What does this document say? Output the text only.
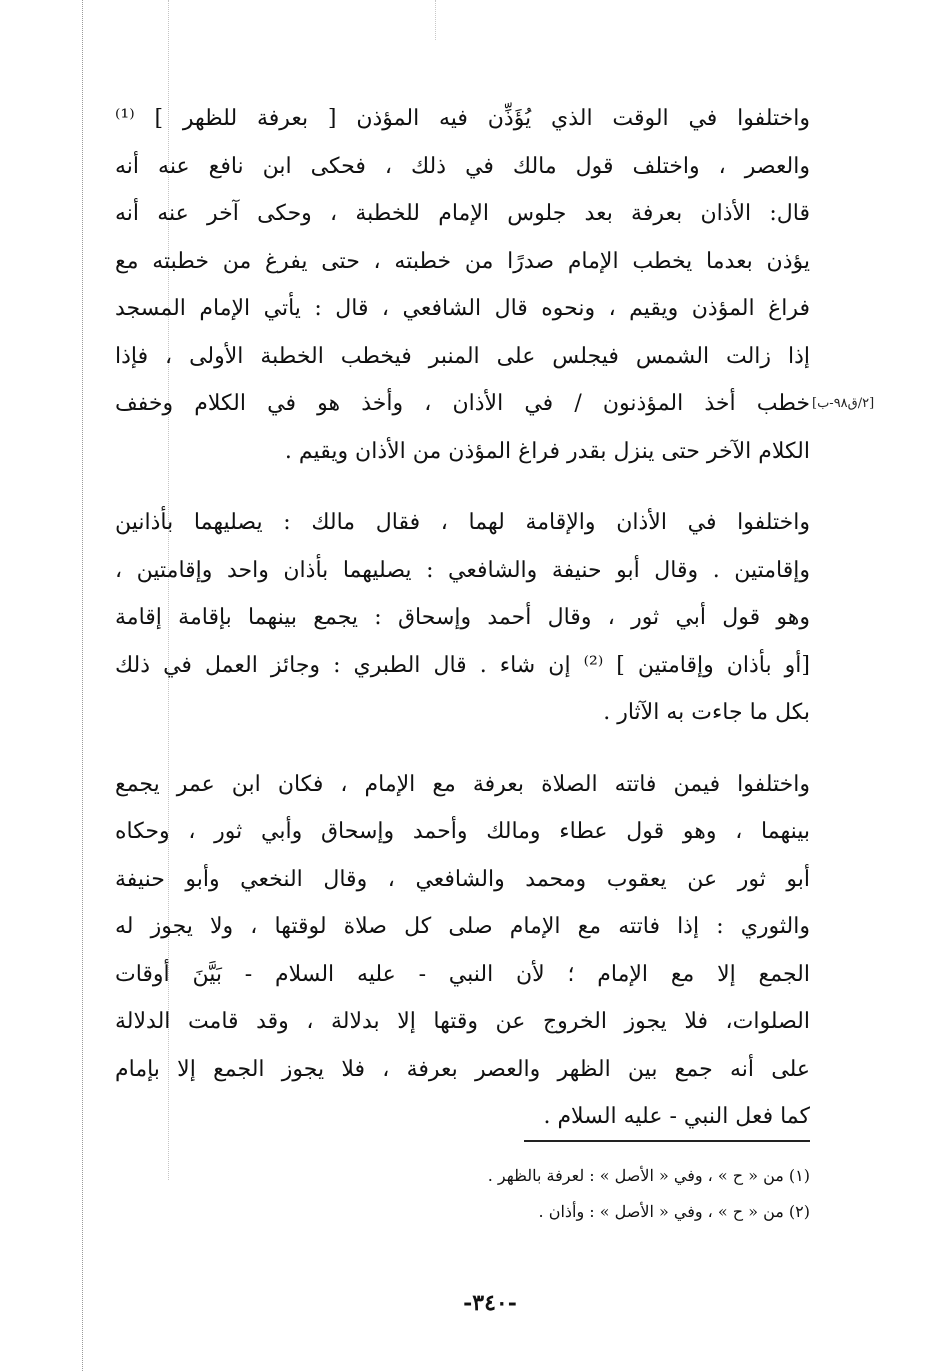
واختلفوا في الوقت الذي يُؤَذِّن فيه المؤذن [ بعرفة للظهر ] ⁽¹⁾
والعصر ، واختلف قول مالك في ذلك ، فحكى ابن نافع عنه أنه
قال: الأذان بعرفة بعد جلوس الإمام للخطبة ، وحكى آخر عنه أنه
يؤذن بعدما يخطب الإمام صدرًا من خطبته ، حتى يفرغ من خطبته مع
فراغ المؤذن ويقيم ، ونحوه قال الشافعي ، قال : يأتي الإمام المسجد
إذا زالت الشمس فيجلس على المنبر فيخطب الخطبة الأولى ، فإذا
خطب أخذ المؤذنون / في الأذان ، وأخذ هو في الكلام وخفف
الكلام الآخر حتى ينزل بقدر فراغ المؤذن من الأذان ويقيم .

واختلفوا في الأذان والإقامة لهما ، فقال مالك : يصليهما بأذانين
وإقامتين . وقال أبو حنيفة والشافعي : يصليهما بأذان واحد وإقامتين ،
وهو قول أبي ثور ، وقال أحمد وإسحاق : يجمع بينهما بإقامة إقامة
[أو بأذان وإقامتين ] ⁽²⁾ إن شاء . قال الطبري : وجائز العمل في ذلك
بكل ما جاءت به الآثار .

واختلفوا فيمن فاتته الصلاة بعرفة مع الإمام ، فكان ابن عمر يجمع
بينهما ، وهو قول عطاء ومالك وأحمد وإسحاق وأبي ثور ، وحكاه
أبو ثور عن يعقوب ومحمد والشافعي ، وقال النخعي وأبو حنيفة
والثوري : إذا فاتته مع الإمام صلى كل صلاة لوقتها ، ولا يجوز له
الجمع إلا مع الإمام ؛ لأن النبي - عليه السلام - بَيَّنَ أوقات
الصلوات، فلا يجوز الخروج عن وقتها إلا بدلالة ، وقد قامت الدلالة
على أنه جمع بين الظهر والعصر بعرفة ، فلا يجوز الجمع إلا بإمام
كما فعل النبي - عليه السلام .

[٢/ق٩٨-ب]
(١) من « ح » ، وفي « الأصل » : لعرفة بالظهر .
(٢) من « ح » ، وفي « الأصل » : وأذان .
-٣٤٠-
